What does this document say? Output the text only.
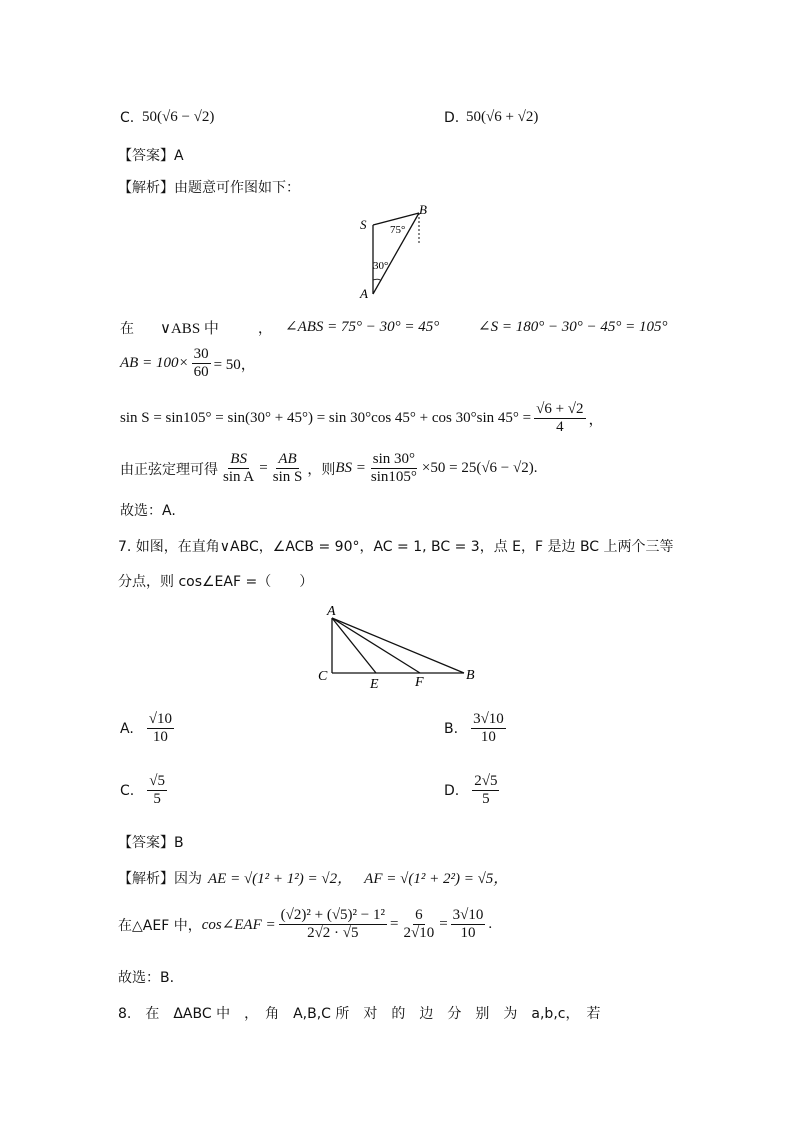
C. 50(√6 − √2)	D. 50(√6 + √2)
【答案】A
【解析】由题意可作图如下：
S
B
A
75°
30°
在 ∨ABS 中	， ∠ABS = 75° − 30° = 45°	∠S = 180° − 30° − 45° = 105°
AB = $100\times \frac{30}{60} = 50$，
sin S = sin105° = sin(30° + 45°) = sin 30°cos 45° + cos 30°sin $45^\circ = \frac{√6 + √2}{4}$ ，
由正弦定理可得 $\frac{BS}{\text{sin A}} = \frac{AB}{\text{sin S}}$ ，则 BS = $\frac{\sin 30^\circ}{\sin 105^\circ} \times 50 = 25(√6 - √2)$.
故选：A.
7. 如图，在直角∨ABC，∠ACB = 90°，AC = 1, BC = 3，点 E，F 是边 BC 上两个三等
分点，则 cos∠EAF =（　　）
A
C
E	F	B
A. $\frac{√10}{10}$	B. $\frac{3√10}{10}$
C. $\frac{√5}{5}$	D. $\frac{2√5}{5}$
【答案】B
【解析】因为 AE = √(1² + 1²) = √2， AF = √(1² + 2²) = √5，
在△AEF 中， cos∠EAF = $\frac{\text{(√2)² + (√5)² − 1²}}{2√2 \cdot √5} = \frac{6}{2√10} = \frac{3√10}{10}$ .
故选：B.
8.　在　ΔABC 中　，　角　A,B,C 所　对　的　边　分　别　为　a,b,c，　若
